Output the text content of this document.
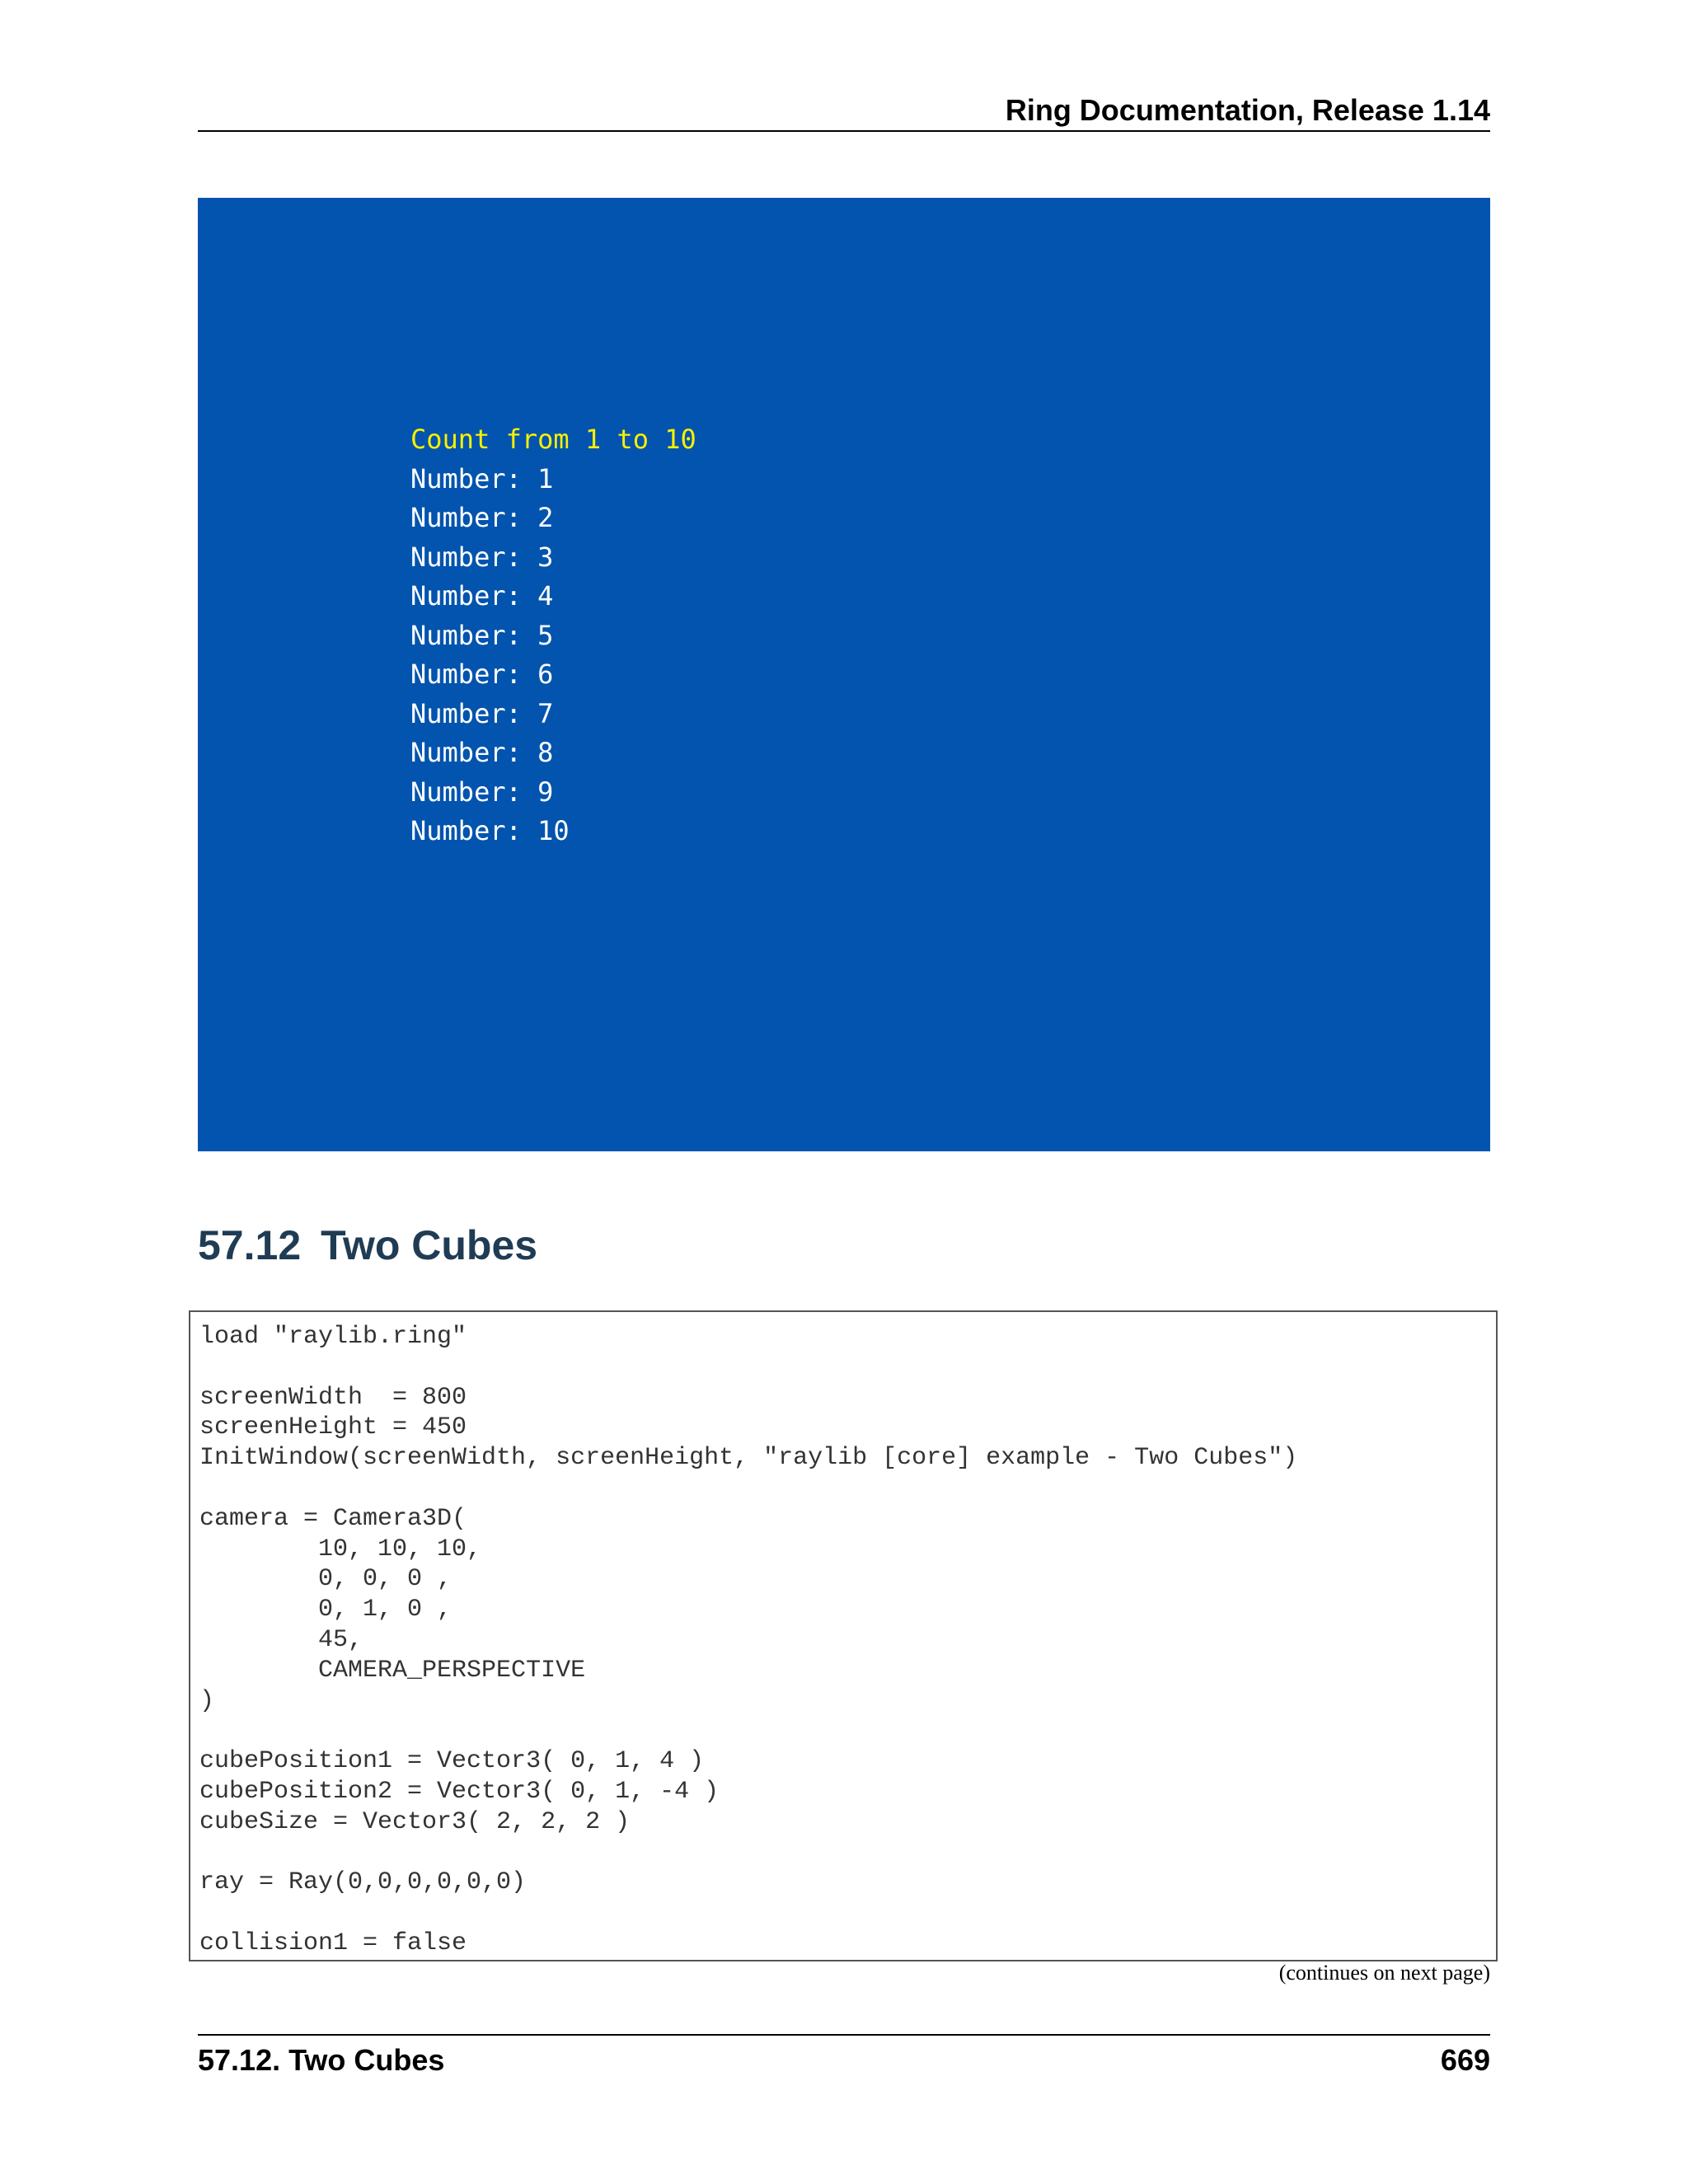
Ring Documentation, Release 1.14
Count from 1 to 10
Number: 1
Number: 2
Number: 3
Number: 4
Number: 5
Number: 6
Number: 7
Number: 8
Number: 9
Number: 10
57.12 Two Cubes
load "raylib.ring"
screenWidth  = 800
screenHeight = 450
InitWindow(screenWidth, screenHeight, "raylib [core] example - Two Cubes")
camera = Camera3D(
10, 10, 10,
0, 0, 0 ,
0, 1, 0 ,
45,
CAMERA_PERSPECTIVE
)
cubePosition1 = Vector3( 0, 1, 4 )
cubePosition2 = Vector3( 0, 1, -4 )
cubeSize = Vector3( 2, 2, 2 )
ray = Ray(0,0,0,0,0,0)
collision1 = false
(continues on next page)
57.12. Two Cubes	669
